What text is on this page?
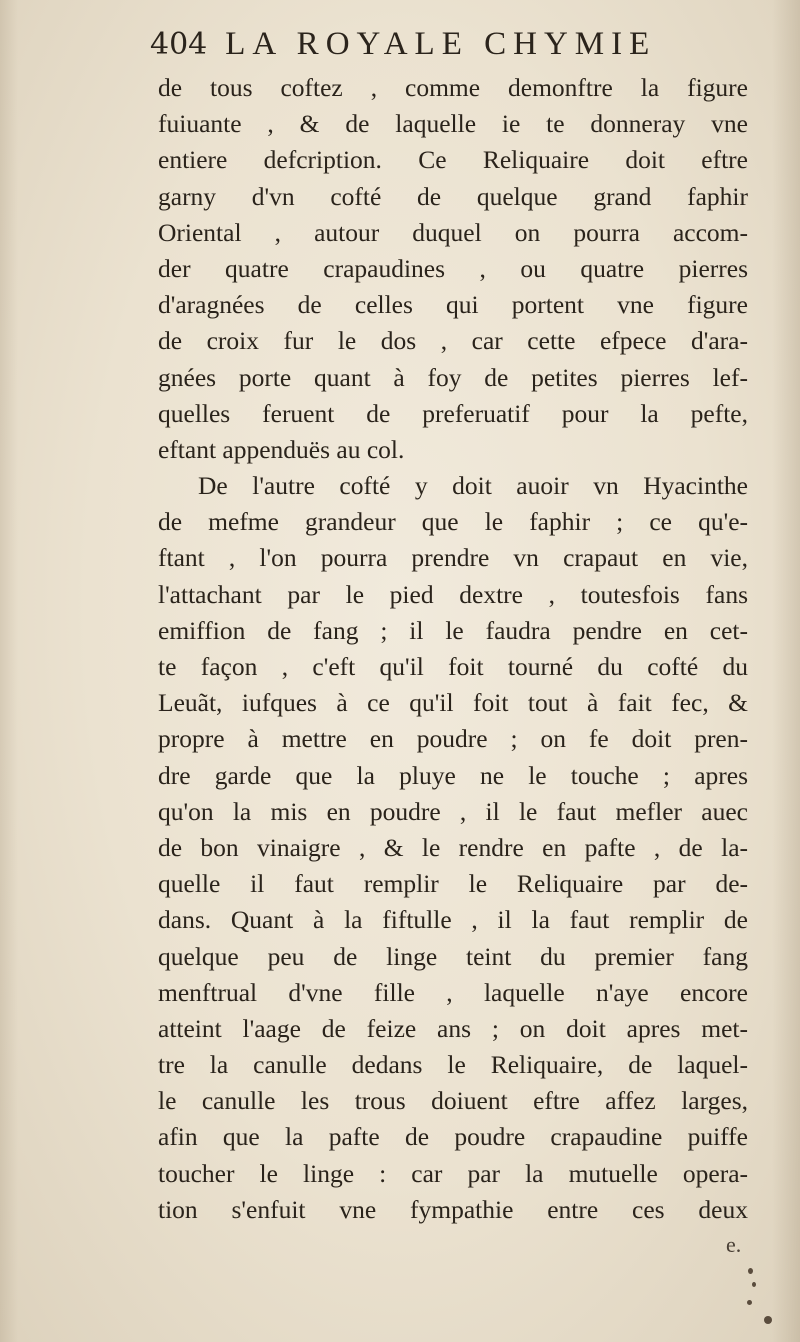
404 LA ROYALE CHYMIE
de tous coftez , comme demonftre la figure
fuiuante , & de laquelle ie te donneray vne
entiere defcription. Ce Reliquaire doit eftre
garny d'vn cofté de quelque grand faphir
Oriental , autour duquel on pourra accom-
der quatre crapaudines , ou quatre pierres
d'aragnées de celles qui portent vne figure
de croix fur le dos , car cette efpece d'ara-
gnées porte quant à foy de petites pierres lef-
quelles feruent de preferuatif pour la pefte,
eftant appenduës au col.
De l'autre cofté y doit auoir vn Hyacinthe
de mefme grandeur que le faphir ; ce qu'e-
ftant , l'on pourra prendre vn crapaut en vie,
l'attachant par le pied dextre , toutesfois fans
emiffion de fang ; il le faudra pendre en cet-
te façon , c'eft qu'il foit tourné du cofté du
Leuãt, iufques à ce qu'il foit tout à fait fec, &
propre à mettre en poudre ; on fe doit pren-
dre garde que la pluye ne le touche ; apres
qu'on la mis en poudre , il le faut mefler auec
de bon vinaigre , & le rendre en pafte , de la-
quelle il faut remplir le Reliquaire par de-
dans. Quant à la fiftulle , il la faut remplir de
quelque peu de linge teint du premier fang
menftrual d'vne fille , laquelle n'aye encore
atteint l'aage de feize ans ; on doit apres met-
tre la canulle dedans le Reliquaire, de laquel-
le canulle les trous doiuent eftre affez larges,
afin que la pafte de poudre crapaudine puiffe
toucher le linge : car par la mutuelle opera-
tion s'enfuit vne fympathie entre ces deux
e.
